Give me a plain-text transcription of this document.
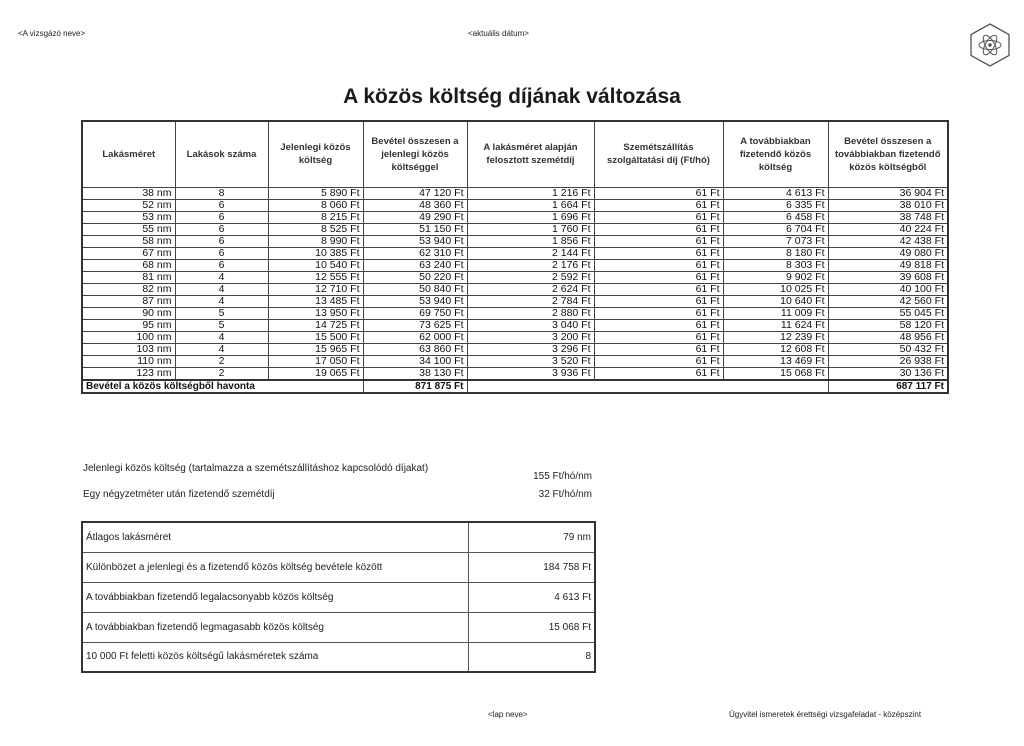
<A vizsgázó neve>	<aktuális dátum>
A közös költség díjának változása
Lakásméret	Lakások száma	Jelenlegi közös költség	Bevétel összesen a jelenlegi közös költséggel	A lakásméret alapján felosztott szemétdíj	Szemétszállítás szolgáltatási díj (Ft/hó)	A továbbiakban fizetendő közös költség	Bevétel összesen a továbbiakban fizetendő közös költségből
38 nm	8	5 890 Ft	47 120 Ft	1 216 Ft	61 Ft	4 613 Ft	36 904 Ft
52 nm	6	8 060 Ft	48 360 Ft	1 664 Ft	61 Ft	6 335 Ft	38 010 Ft
53 nm	6	8 215 Ft	49 290 Ft	1 696 Ft	61 Ft	6 458 Ft	38 748 Ft
55 nm	6	8 525 Ft	51 150 Ft	1 760 Ft	61 Ft	6 704 Ft	40 224 Ft
58 nm	6	8 990 Ft	53 940 Ft	1 856 Ft	61 Ft	7 073 Ft	42 438 Ft
67 nm	6	10 385 Ft	62 310 Ft	2 144 Ft	61 Ft	8 180 Ft	49 080 Ft
68 nm	6	10 540 Ft	63 240 Ft	2 176 Ft	61 Ft	8 303 Ft	49 818 Ft
81 nm	4	12 555 Ft	50 220 Ft	2 592 Ft	61 Ft	9 902 Ft	39 608 Ft
82 nm	4	12 710 Ft	50 840 Ft	2 624 Ft	61 Ft	10 025 Ft	40 100 Ft
87 nm	4	13 485 Ft	53 940 Ft	2 784 Ft	61 Ft	10 640 Ft	42 560 Ft
90 nm	5	13 950 Ft	69 750 Ft	2 880 Ft	61 Ft	11 009 Ft	55 045 Ft
95 nm	5	14 725 Ft	73 625 Ft	3 040 Ft	61 Ft	11 624 Ft	58 120 Ft
100 nm	4	15 500 Ft	62 000 Ft	3 200 Ft	61 Ft	12 239 Ft	48 956 Ft
103 nm	4	15 965 Ft	63 860 Ft	3 296 Ft	61 Ft	12 608 Ft	50 432 Ft
110 nm	2	17 050 Ft	34 100 Ft	3 520 Ft	61 Ft	13 469 Ft	26 938 Ft
123 nm	2	19 065 Ft	38 130 Ft	3 936 Ft	61 Ft	15 068 Ft	30 136 Ft
Bevétel a közös költségből havonta			871 875 Ft				687 117 Ft
Jelenlegi közös költség (tartalmazza a szemétszállításhoz kapcsolódó díjakat)
155 Ft/hó/nm
Egy négyzetméter után fizetendő szemétdíj	32 Ft/hó/nm
Átlagos lakásméret	79 nm
Különbözet a jelenlegi és a fizetendő közös költség bevétele között	184 758 Ft
A továbbiakban fizetendő legalacsonyabb közös költség	4 613 Ft
A továbbiakban fizetendő legmagasabb közös költség	15 068 Ft
10 000 Ft feletti közös költségű lakásméretek száma	8
<lap neve>	Ügyvitel ismeretek érettségi vizsgafeladat - középszint
